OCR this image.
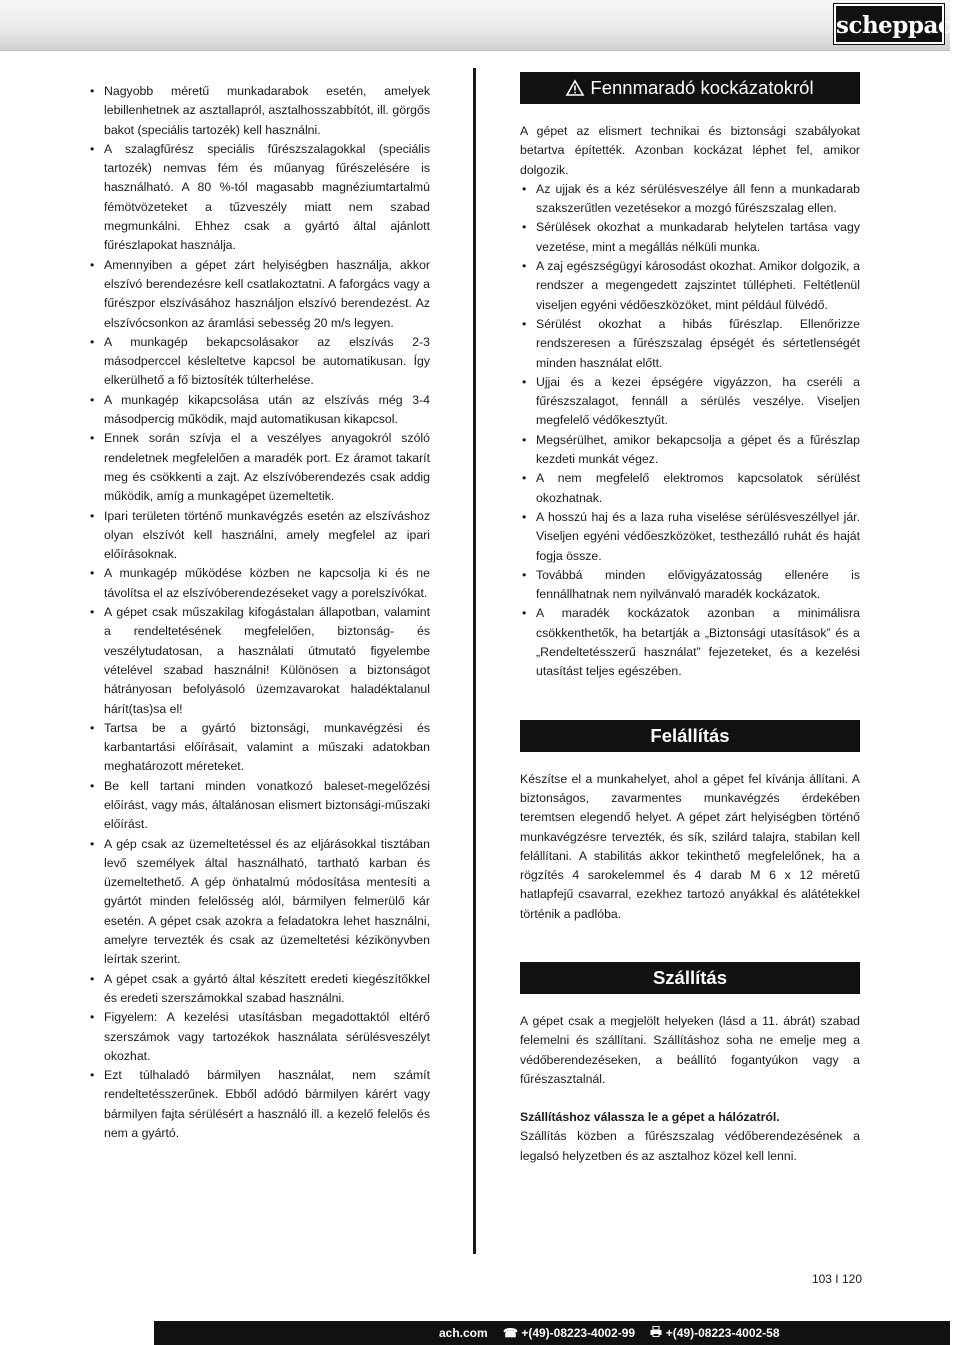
scheppach
• Nagyobb méretű munkadarabok esetén, amelyek lebillenhetnek az asztallapról, asztalhosszabbítót, ill. görgős bakot (speciális tartozék) kell használni.
• A szalagfűrész speciális fűrészszalagokkal (speciális tartozék) nemvas fém és műanyag fűrészelésére is használható. A 80 %-tól magasabb magnéziumtartalmú fémötvözeteket a tűzveszély miatt nem szabad megmunkálni. Ehhez csak a gyártó által ajánlott fűrészlapokat használja.
• Amennyiben a gépet zárt helyiségben használja, akkor elszívó berendezésre kell csatlakoztatni. A faforgács vagy a fűrészpor elszívásához használjon elszívó berendezést. Az elszívócsonkon az áramlási sebesség 20 m/s legyen.
• A munkagép bekapcsolásakor az elszívás 2-3 másodperccel késleltetve kapcsol be automatikusan. Így elkerülhető a fő biztosíték túlterhelése.
• A munkagép kikapcsolása után az elszívás még 3-4 másodpercig működik, majd automatikusan kikapcsol.
• Ennek során szívja el a veszélyes anyagokról szóló rendeletnek megfelelően a maradék port. Ez áramot takarít meg és csökkenti a zajt. Az elszívóberendezés csak addig működik, amíg a munkagépet üzemeltetik.
• Ipari területen történő munkavégzés esetén az elszíváshoz olyan elszívót kell használni, amely megfelel az ipari előírásoknak.
• A munkagép működése közben ne kapcsolja ki és ne távolítsa el az elszívóberendezéseket vagy a porelszívókat.
• A gépet csak műszakilag kifogástalan állapotban, valamint a rendeltetésének megfelelően, biztonság- és veszélytudatosan, a használati útmutató figyelembe vételével szabad használni! Különösen a biztonságot hátrányosan befolyásoló üzemzavarokat haladéktalanul hárít(tas)sa el!
• Tartsa be a gyártó biztonsági, munkavégzési és karbantartási előírásait, valamint a műszaki adatokban meghatározott méreteket.
• Be kell tartani minden vonatkozó baleset-megelőzési előírást, vagy más, általánosan elismert biztonsági-műszaki előírást.
• A gép csak az üzemeltetéssel és az eljárásokkal tisztában levő személyek által használható, tartható karban és üzemeltethető. A gép önhatalmú módosítása mentesíti a gyártót minden felelősség alól, bármilyen felmerülő kár esetén. A gépet csak azokra a feladatokra lehet használni, amelyre tervezték és csak az üzemeltetési kézikönyvben leírtak szerint.
• A gépet csak a gyártó által készített eredeti kiegészítőkkel és eredeti szerszámokkal szabad használni.
• Figyelem: A kezelési utasításban megadottaktól eltérő szerszámok vagy tartozékok használata sérülésveszélyt okozhat.
• Ezt túlhaladó bármilyen használat, nem számít rendeltetésszerűnek. Ebből adódó bármilyen kárért vagy bármilyen fajta sérülésért a használó ill. a kezelő felelős és nem a gyártó.
Fennmaradó kockázatokról

A gépet az elismert technikai és biztonsági szabályokat betartva építették. Azonban kockázat léphet fel, amikor dolgozik.

• Az ujjak és a kéz sérülésveszélye áll fenn a munkadarab szakszerűtlen vezetésekor a mozgó fűrészszalag ellen.
• Sérülések okozhat a munkadarab helytelen tartása vagy vezetése, mint a megállás nélküli munka.
• A zaj egészségügyi károsodást okozhat. Amikor dolgozik, a rendszer a megengedett zajszintet túllépheti. Feltétlenül viseljen egyéni védőeszközöket, mint például fülvédő.
• Sérülést okozhat a hibás fűrészlap. Ellenőrizze rendszeresen a fűrészszalag épségét és sértetlenségét minden használat előtt.
• Ujjai és a kezei épségére vigyázzon, ha cseréli a fűrészszalagot, fennáll a sérülés veszélye. Viseljen megfelelő védőkesztyűt.
• Megsérülhet, amikor bekapcsolja a gépet és a fűrészlap kezdeti munkát végez.
• A nem megfelelő elektromos kapcsolatok sérülést okozhatnak.
• A hosszú haj és a laza ruha viselése sérülésveszéllyel jár. Viseljen egyéni védőeszközöket, testhezálló ruhát és haját fogja össze.
• Továbbá minden elővigyázatosság ellenére is fennállhatnak nem nyilvánvaló maradék kockázatok.
• A maradék kockázatok azonban a minimálisra csökkenthetők, ha betartják a „Biztonsági utasítások” és a „Rendeltetésszerű használat” fejezeteket, és a kezelési utasítást teljes egészében.
Felállítás

Készítse el a munkahelyet, ahol a gépet fel kívánja állítani. A biztonságos, zavarmentes munkavégzés érdekében teremtsen elegendő helyet. A gépet zárt helyiségben történő munkavégzésre tervezték, és sík, szilárd talajra, stabilan kell felállítani. A stabilitás akkor tekinthető megfelelőnek, ha a rögzítés 4 sarokelemmel és 4 darab M 6 x 12 méretű hatlapfejű csavarral, ezekhez tartozó anyákkal és alátétekkel történik a padlóba.

Szállítás

A gépet csak a megjelölt helyeken (lásd a 11. ábrát) szabad felemelni és szállítani. Szállításhoz soha ne emelje meg a védőberendezéseken, a beállító fogantyúkon vagy a fűrészasztalnál.

Szállításhoz válassza le a gépet a hálózatról.

Szállítás közben a fűrészszalag védőberendezésének a legalsó helyzetben és az asztalhoz közel kell lenni.

103 I 120
ach.com ☎ +(49)-08223-4002-99	+(49)-08223-4002-58
